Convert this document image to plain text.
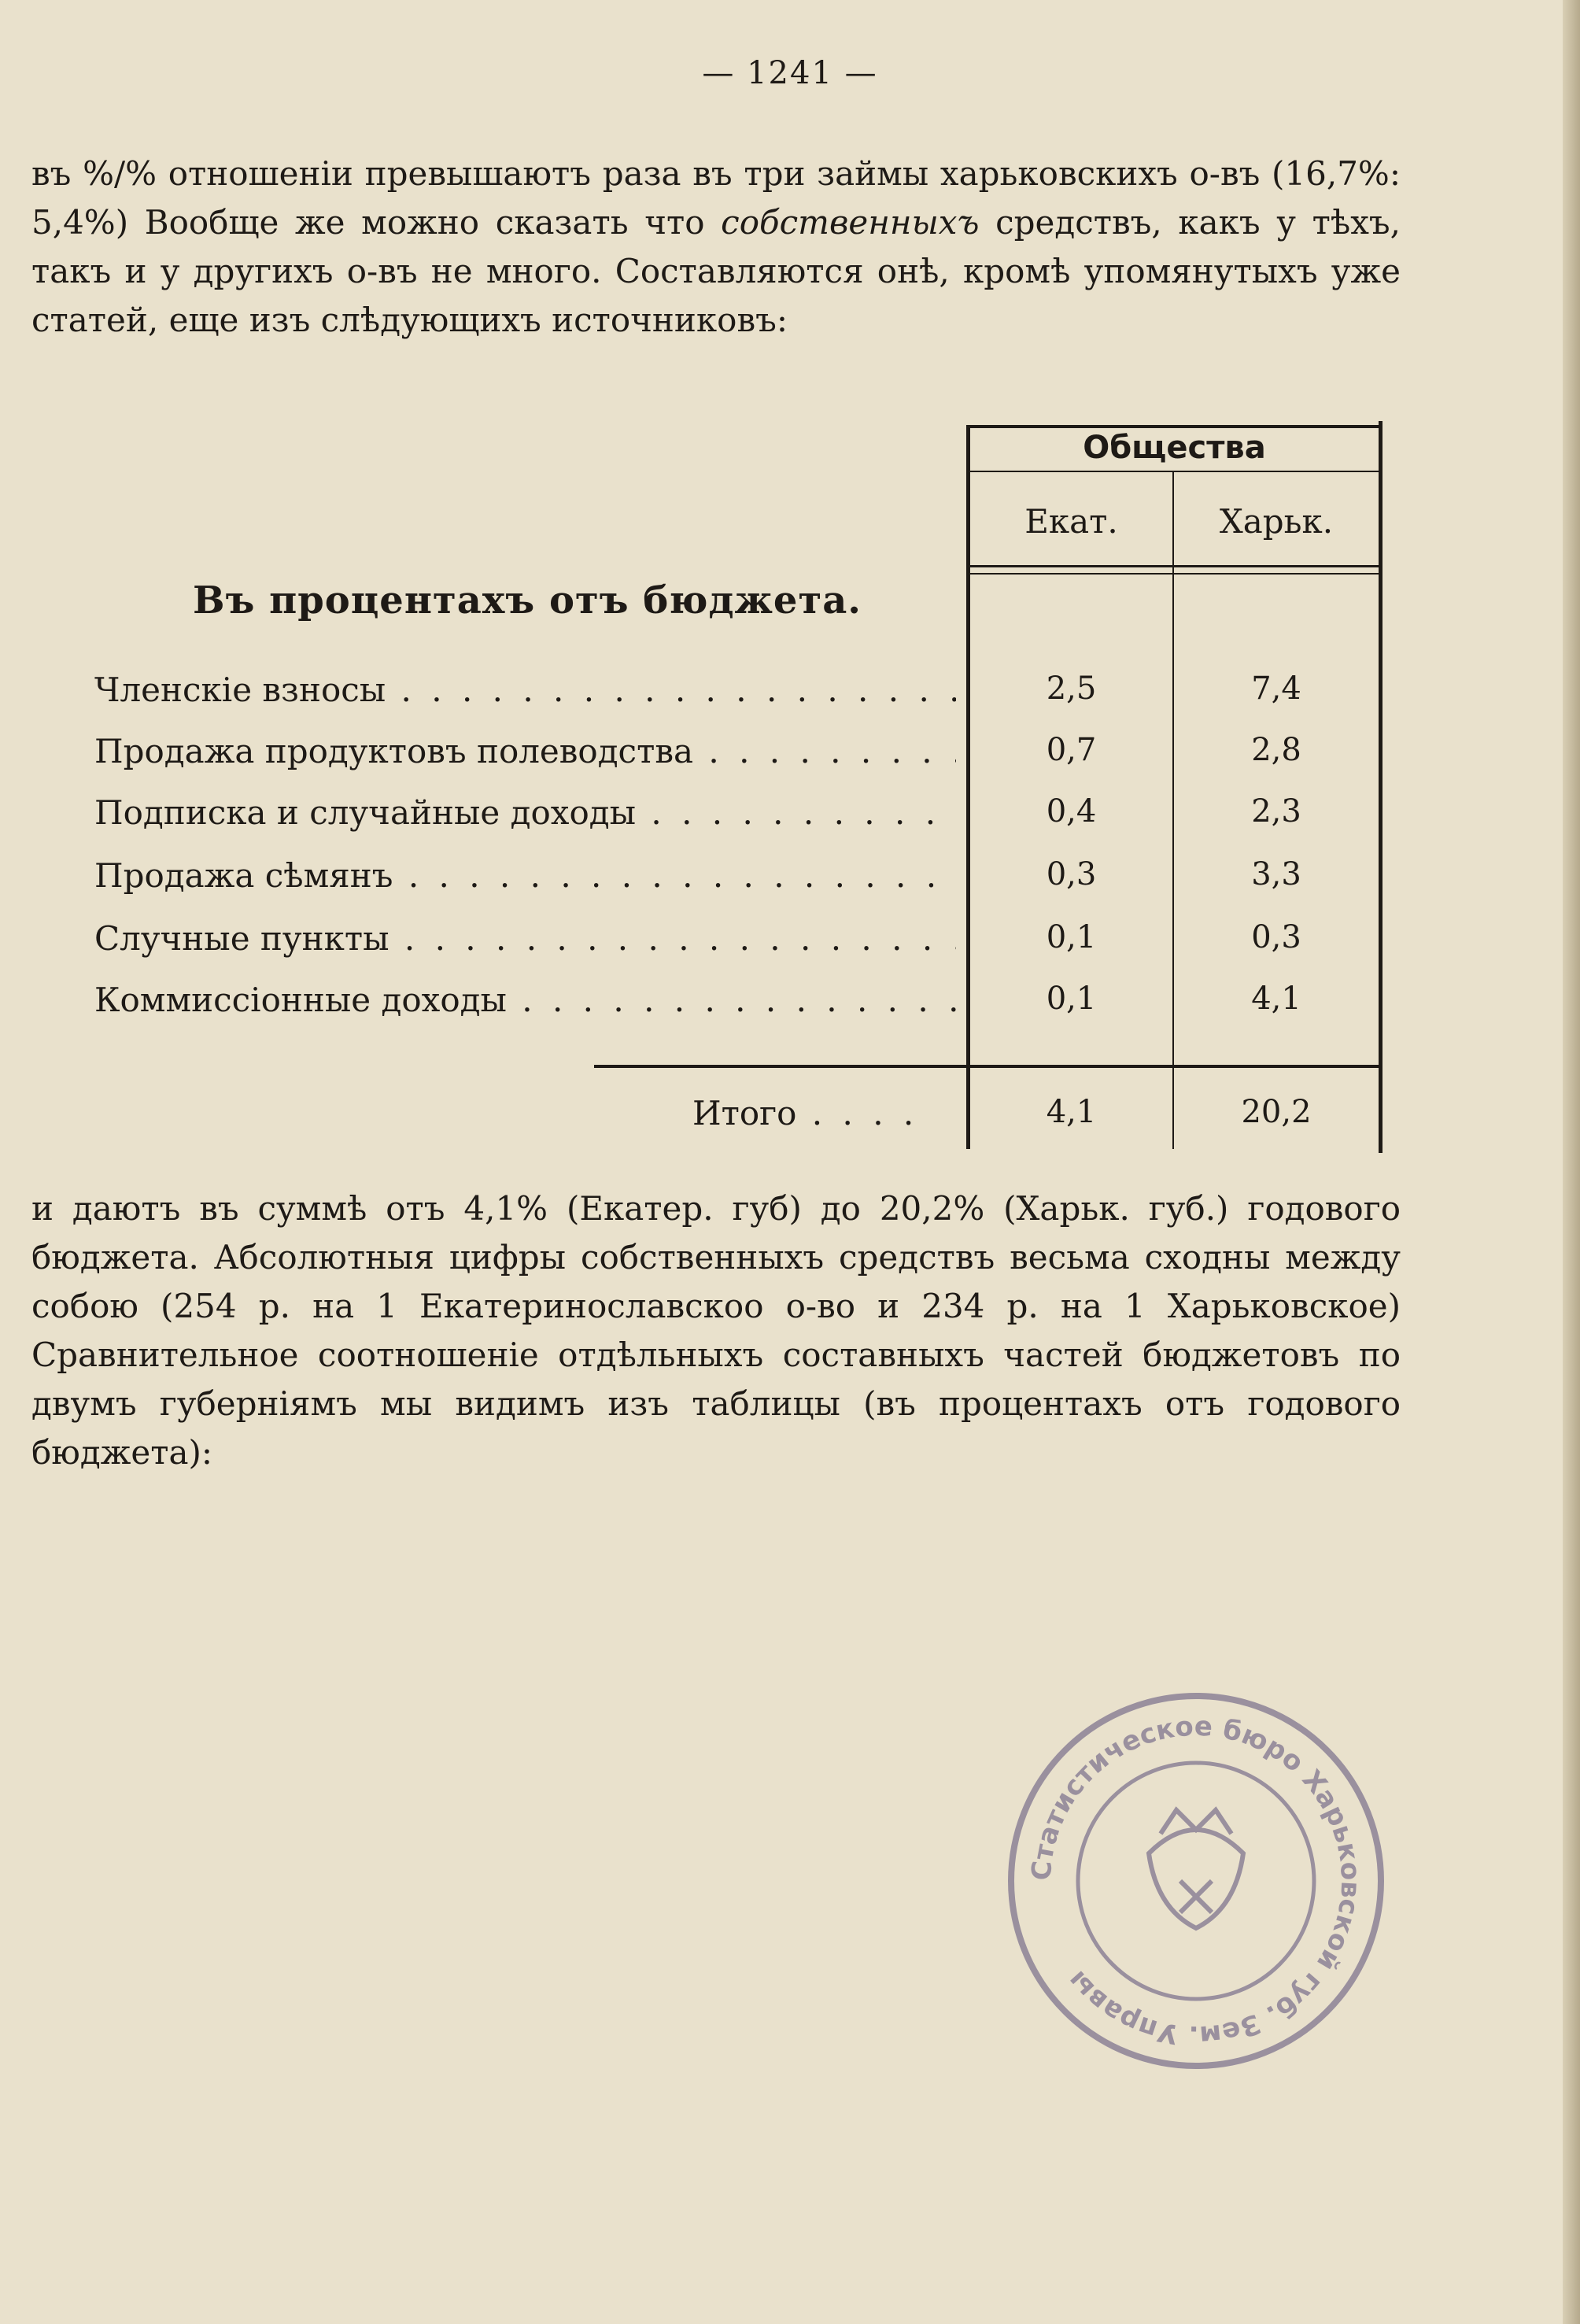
— 1241 —
въ %/% отношеніи превышаютъ раза въ три займы харьковскихъ о-въ (16,7%: 5,4%) Вообще же можно сказать что собственныхъ средствъ, какъ у тѣхъ, такъ и у другихъ о-въ не много. Составляются онѣ, кромѣ упомянутыхъ уже статей, еще изъ слѣдующихъ источниковъ:
Въ процентахъ отъ бюджета.
Общества
Екат.	Харьк.
Членскіе взносы . . .	2,5	7,4
Продажа продуктовъ полеводства . . .	0,7	2,8
Подписка и случайные доходы . . .	0,4	2,3
Продажа сѣмянъ . . .	0,3	3,3
Случные пункты . . .	0,1	0,3
Коммиссіонные доходы . . .	0,1	4,1
Итого . . . .	4,1	20,2
и даютъ въ суммѣ отъ 4,1% (Екатер. губ) до 20,2% (Харьк. губ.) годового бюджета. Абсолютныя цифры собственныхъ средствъ весьма сходны между собою (254 р. на 1 Екатеринославскоо о-во и 234 р. на 1 Харьковское) Сравнительное соотношеніе отдѣльныхъ составныхъ частей бюджетовъ по двумъ губерніямъ мы видимъ изъ таблицы (въ процентахъ отъ годового бюджета):
Статистическое бюро Харьковской губ. Зем. Управы
